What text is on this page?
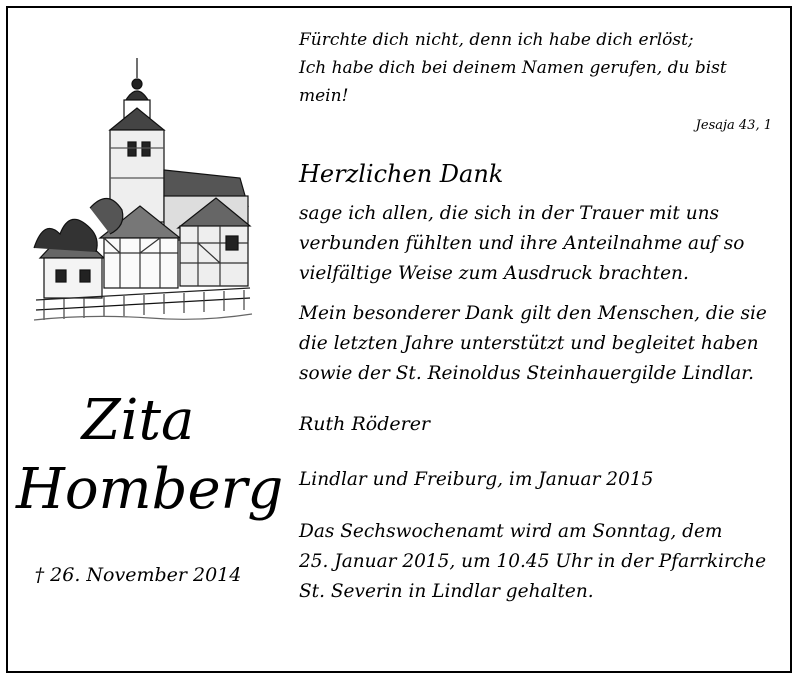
Zita
Homberg
† 26. November 2014

Fürchte dich nicht, denn ich habe dich erlöst;
Ich habe dich bei deinem Namen gerufen, du bist mein!

Jesaja 43, 1

Herzlichen Dank

sage ich allen, die sich in der Trauer mit uns
verbunden fühlten und ihre Anteilnahme auf so
vielfältige Weise zum Ausdruck brachten.

Mein besonderer Dank gilt den Menschen, die sie
die letzten Jahre unterstützt und begleitet haben
sowie der St. Reinoldus Steinhauergilde Lindlar.

Ruth Röderer

Lindlar und Freiburg, im Januar 2015

Das Sechswochenamt wird am Sonntag, dem
25. Januar 2015, um 10.45 Uhr in der Pfarrkirche
St. Severin in Lindlar gehalten.
